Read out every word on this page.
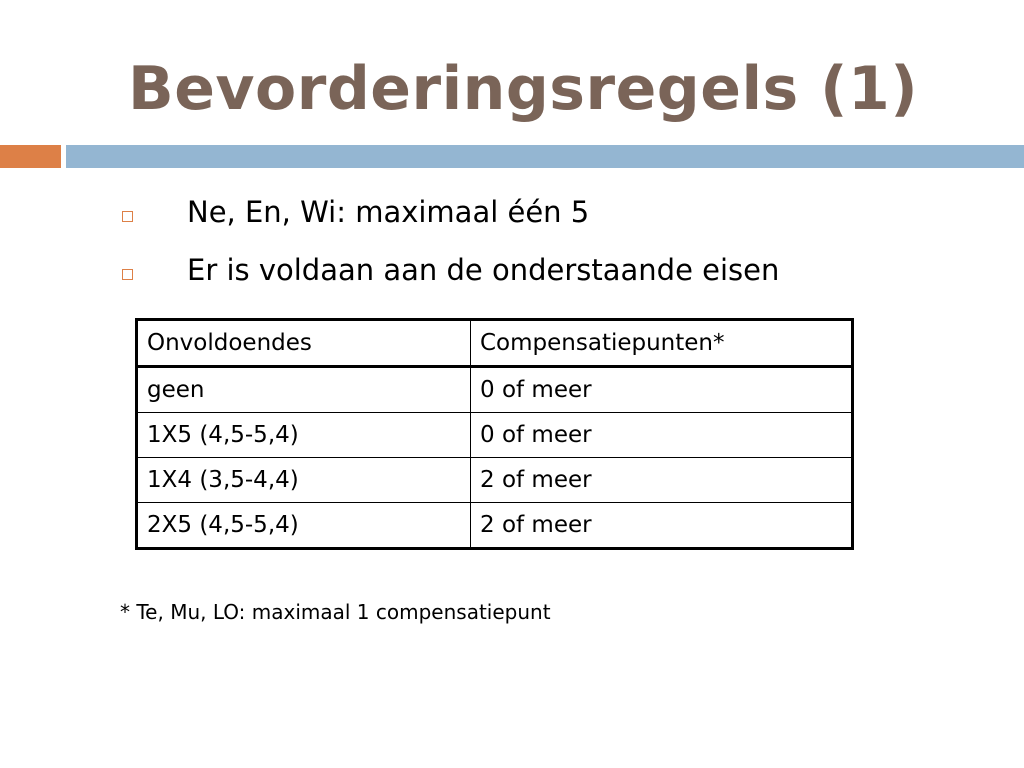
Bevorderingsregels (1)
Ne, En, Wi: maximaal één 5
Er is voldaan aan de onderstaande eisen
Onvoldoendes	Compensatiepunten*
geen	0 of meer
1X5 (4,5-5,4)	0 of meer
1X4 (3,5-4,4)	2 of meer
2X5 (4,5-5,4)	2 of meer
* Te, Mu, LO: maximaal 1 compensatiepunt
